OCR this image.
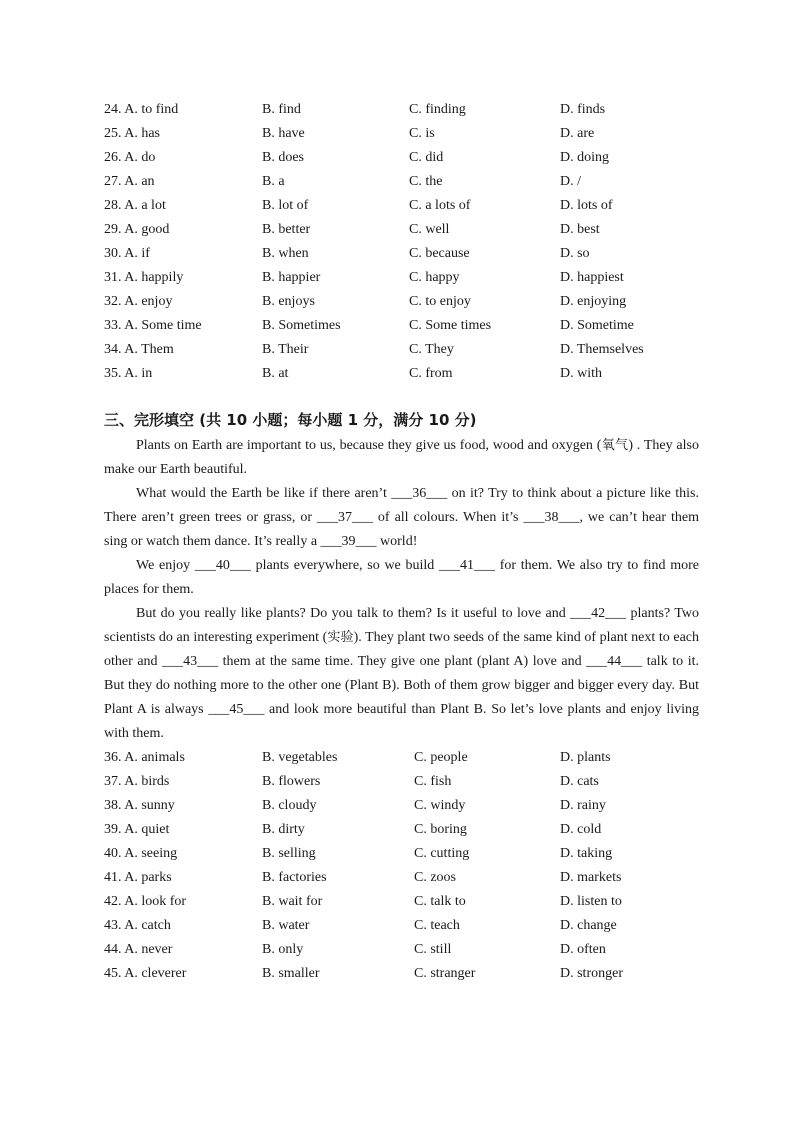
24. A. to find	B. find	C. finding	D. finds
25. A. has	B. have	C. is	D. are
26. A. do	B. does	C. did	D. doing
27. A. an	B. a	C. the	D. /
28. A. a lot	B. lot of	C. a lots of	D. lots of
29. A. good	B. better	C. well	D. best
30. A. if	B. when	C. because	D. so
31. A. happily	B. happier	C. happy	D. happiest
32. A. enjoy	B. enjoys	C. to enjoy	D. enjoying
33. A. Some time	B. Sometimes	C. Some times	D. Sometime
34. A. Them	B. Their	C. They	D. Themselves
35. A. in	B. at	C. from	D. with
三、完形填空 (共 10 小题；每小题 1 分，满分 10 分)

Plants on Earth are important to us, because they give us food, wood and oxygen (氧气) . They also make our Earth beautiful.

What would the Earth be like if there aren’t ___36___ on it? Try to think about a picture like this. There aren’t green trees or grass, or ___37___ of all colours. When it’s ___38___, we can’t hear them sing or watch them dance. It’s really a ___39___ world!

We enjoy ___40___ plants everywhere, so we build ___41___ for them. We also try to find more places for them.

But do you really like plants? Do you talk to them? Is it useful to love and ___42___ plants? Two scientists do an interesting experiment (实验). They plant two seeds of the same kind of plant next to each other and ___43___ them at the same time. They give one plant (plant A) love and ___44___ talk to it. But they do nothing more to the other one (Plant B). Both of them grow bigger and bigger every day. But Plant A is always ___45___ and look more beautiful than Plant B. So let’s love plants and enjoy living with them.

36. A. animals	B. vegetables	C. people	D. plants
37. A. birds	B. flowers	C. fish	D. cats
38. A. sunny	B. cloudy	C. windy	D. rainy
39. A. quiet	B. dirty	C. boring	D. cold
40. A. seeing	B. selling	C. cutting	D. taking
41. A. parks	B. factories	C. zoos	D. markets
42. A. look for	B. wait for	C. talk to	D. listen to
43. A. catch	B. water	C. teach	D. change
44. A. never	B. only	C. still	D. often
45. A. cleverer	B. smaller	C. stranger	D. stronger
